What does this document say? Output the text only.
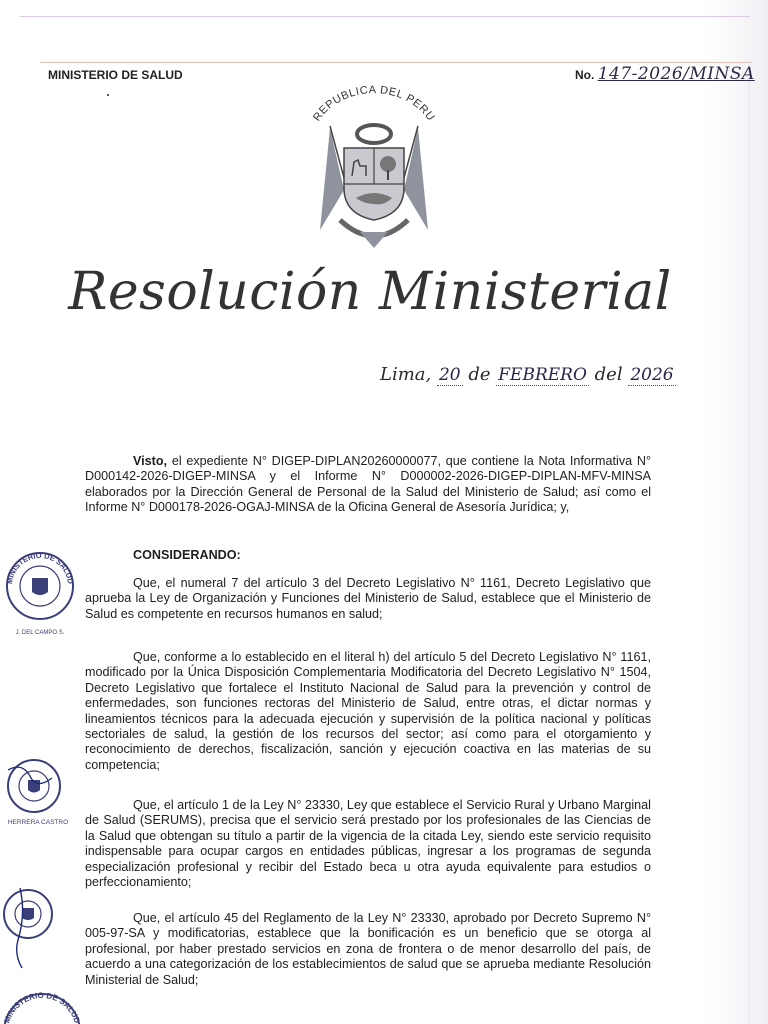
MINISTERIO DE SALUD	No. 147-2026/MINSA
REPUBLICA DEL PERU
Resolución Ministerial
Lima, 20 de FEBRERO del 2026

Visto, el expediente N° DIGEP-DIPLAN20260000077, que contiene la Nota Informativa N° D000142-2026-DIGEP-MINSA y el Informe N° D000002-2026-DIGEP-DIPLAN-MFV-MINSA elaborados por la Dirección General de Personal de la Salud del Ministerio de Salud; así como el Informe N° D000178-2026-OGAJ-MINSA de la Oficina General de Asesoría Jurídica; y,

CONSIDERANDO:

Que, el numeral 7 del artículo 3 del Decreto Legislativo N° 1161, Decreto Legislativo que aprueba la Ley de Organización y Funciones del Ministerio de Salud, establece que el Ministerio de Salud es competente en recursos humanos en salud;

Que, conforme a lo establecido en el literal h) del artículo 5 del Decreto Legislativo N° 1161, modificado por la Única Disposición Complementaria Modificatoria del Decreto Legislativo N° 1504, Decreto Legislativo que fortalece el Instituto Nacional de Salud para la prevención y control de enfermedades, son funciones rectoras del Ministerio de Salud, entre otras, el dictar normas y lineamientos técnicos para la adecuada ejecución y supervisión de la política nacional y políticas sectoriales de salud, la gestión de los recursos del sector; así como para el otorgamiento y reconocimiento de derechos, fiscalización, sanción y ejecución coactiva en las materias de su competencia;

Que, el artículo 1 de la Ley N° 23330, Ley que establece el Servicio Rural y Urbano Marginal de Salud (SERUMS), precisa que el servicio será prestado por los profesionales de las Ciencias de la Salud que obtengan su título a partir de la vigencia de la citada Ley, siendo este servicio requisito indispensable para ocupar cargos en entidades públicas, ingresar a los programas de segunda especialización profesional y recibir del Estado beca u otra ayuda equivalente para estudios o perfeccionamiento;

Que, el artículo 45 del Reglamento de la Ley N° 23330, aprobado por Decreto Supremo N° 005-97-SA y modificatorias, establece que la bonificación es un beneficio que se otorga al profesional, por haber prestado servicios en zona de frontera o de menor desarrollo del país, de acuerdo a una categorización de los establecimientos de salud que se aprueba mediante Resolución Ministerial de Salud;

MINISTERIO DE SALUD
J. DEL CAMPO S.
HERRERA CASTRO
MINISTERIO DE SALUD
